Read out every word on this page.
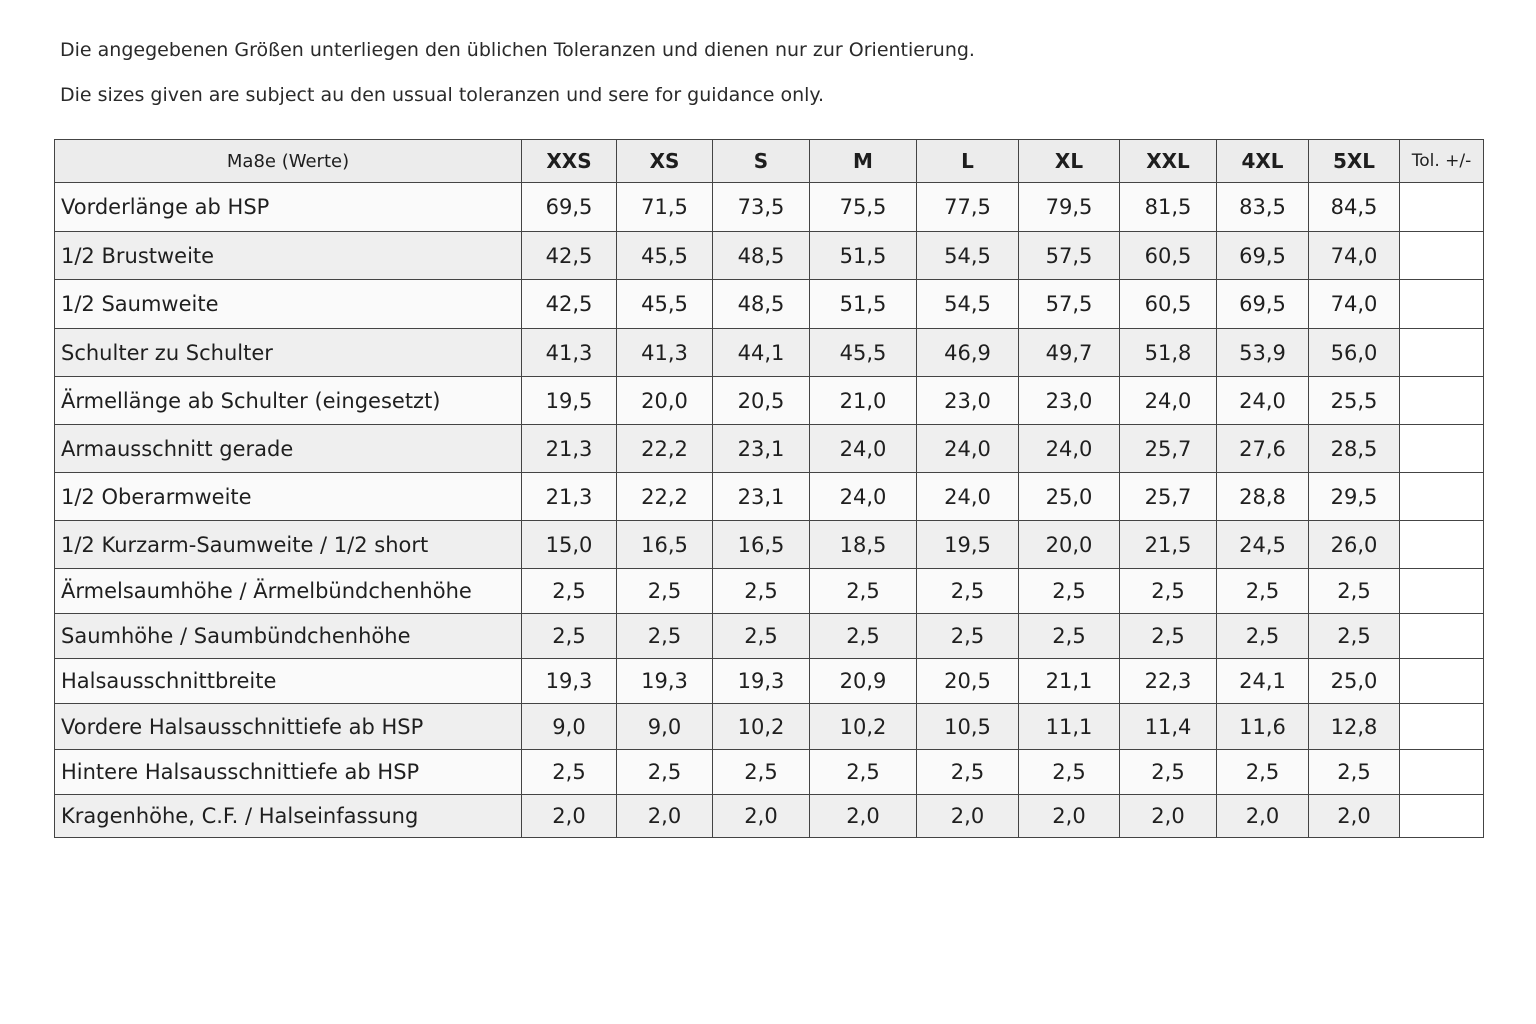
Die angegebenen Größen unterliegen den üblichen Toleranzen und dienen nur zur Orientierung.
Die sizes given are subject au den ussual toleranzen und sere for guidance only.
Ma8e (Werte)	XXS	XS	S	M	L	XL	XXL	4XL	5XL	Tol. +/-
Vorderlänge ab HSP	69,5	71,5	73,5	75,5	77,5	79,5	81,5	83,5	84,5	
1/2 Brustweite	42,5	45,5	48,5	51,5	54,5	57,5	60,5	69,5	74,0	
1/2 Saumweite	42,5	45,5	48,5	51,5	54,5	57,5	60,5	69,5	74,0	
Schulter zu Schulter	41,3	41,3	44,1	45,5	46,9	49,7	51,8	53,9	56,0	
Ärmellänge ab Schulter (eingesetzt)	19,5	20,0	20,5	21,0	23,0	23,0	24,0	24,0	25,5	
Armausschnitt gerade	21,3	22,2	23,1	24,0	24,0	24,0	25,7	27,6	28,5	
1/2 Oberarmweite	21,3	22,2	23,1	24,0	24,0	25,0	25,7	28,8	29,5	
1/2 Kurzarm-Saumweite / 1/2 short	15,0	16,5	16,5	18,5	19,5	20,0	21,5	24,5	26,0	
Ärmelsaumhöhe / Ärmelbündchenhöhe	2,5	2,5	2,5	2,5	2,5	2,5	2,5	2,5	2,5	
Saumhöhe / Saumbündchenhöhe	2,5	2,5	2,5	2,5	2,5	2,5	2,5	2,5	2,5	
Halsausschnittbreite	19,3	19,3	19,3	20,9	20,5	21,1	22,3	24,1	25,0	
Vordere Halsausschnittiefe ab HSP	9,0	9,0	10,2	10,2	10,5	11,1	11,4	11,6	12,8	
Hintere Halsausschnittiefe ab HSP	2,5	2,5	2,5	2,5	2,5	2,5	2,5	2,5	2,5	
Kragenhöhe, C.F. / Halseinfassung	2,0	2,0	2,0	2,0	2,0	2,0	2,0	2,0	2,0	
